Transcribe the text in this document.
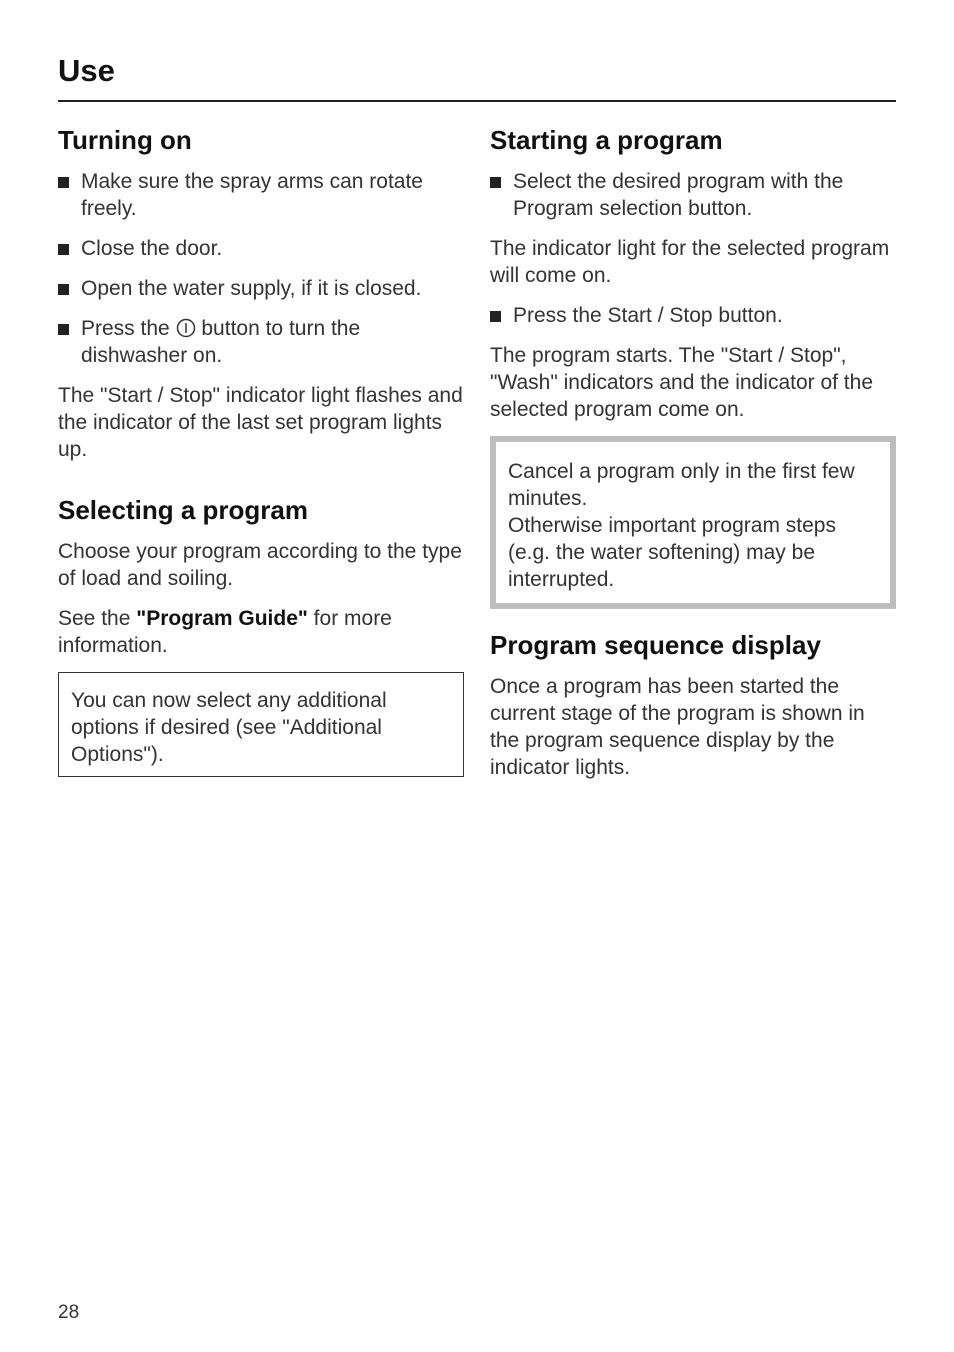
Use
Turning on
Make sure the spray arms can rotate freely.
Close the door.
Open the water supply, if it is closed.
Press the  button to turn the dishwasher on.

The "Start / Stop" indicator light flashes and the indicator of the last set program lights up.

Selecting a program

Choose your program according to the type of load and soiling.

See the "Program Guide" for more information.

You can now select any additional options if desired (see "Additional Options").

Starting a program
Select the desired program with the Program selection button.

The indicator light for the selected program will come on.

Press the Start / Stop button.

The program starts. The "Start / Stop", "Wash" indicators and the indicator of the selected program come on.

Cancel a program only in the first few minutes.

Otherwise important program steps (e.g. the water softening) may be interrupted.

Program sequence display

Once a program has been started the current stage of the program is shown in the program sequence display by the indicator lights.

28
